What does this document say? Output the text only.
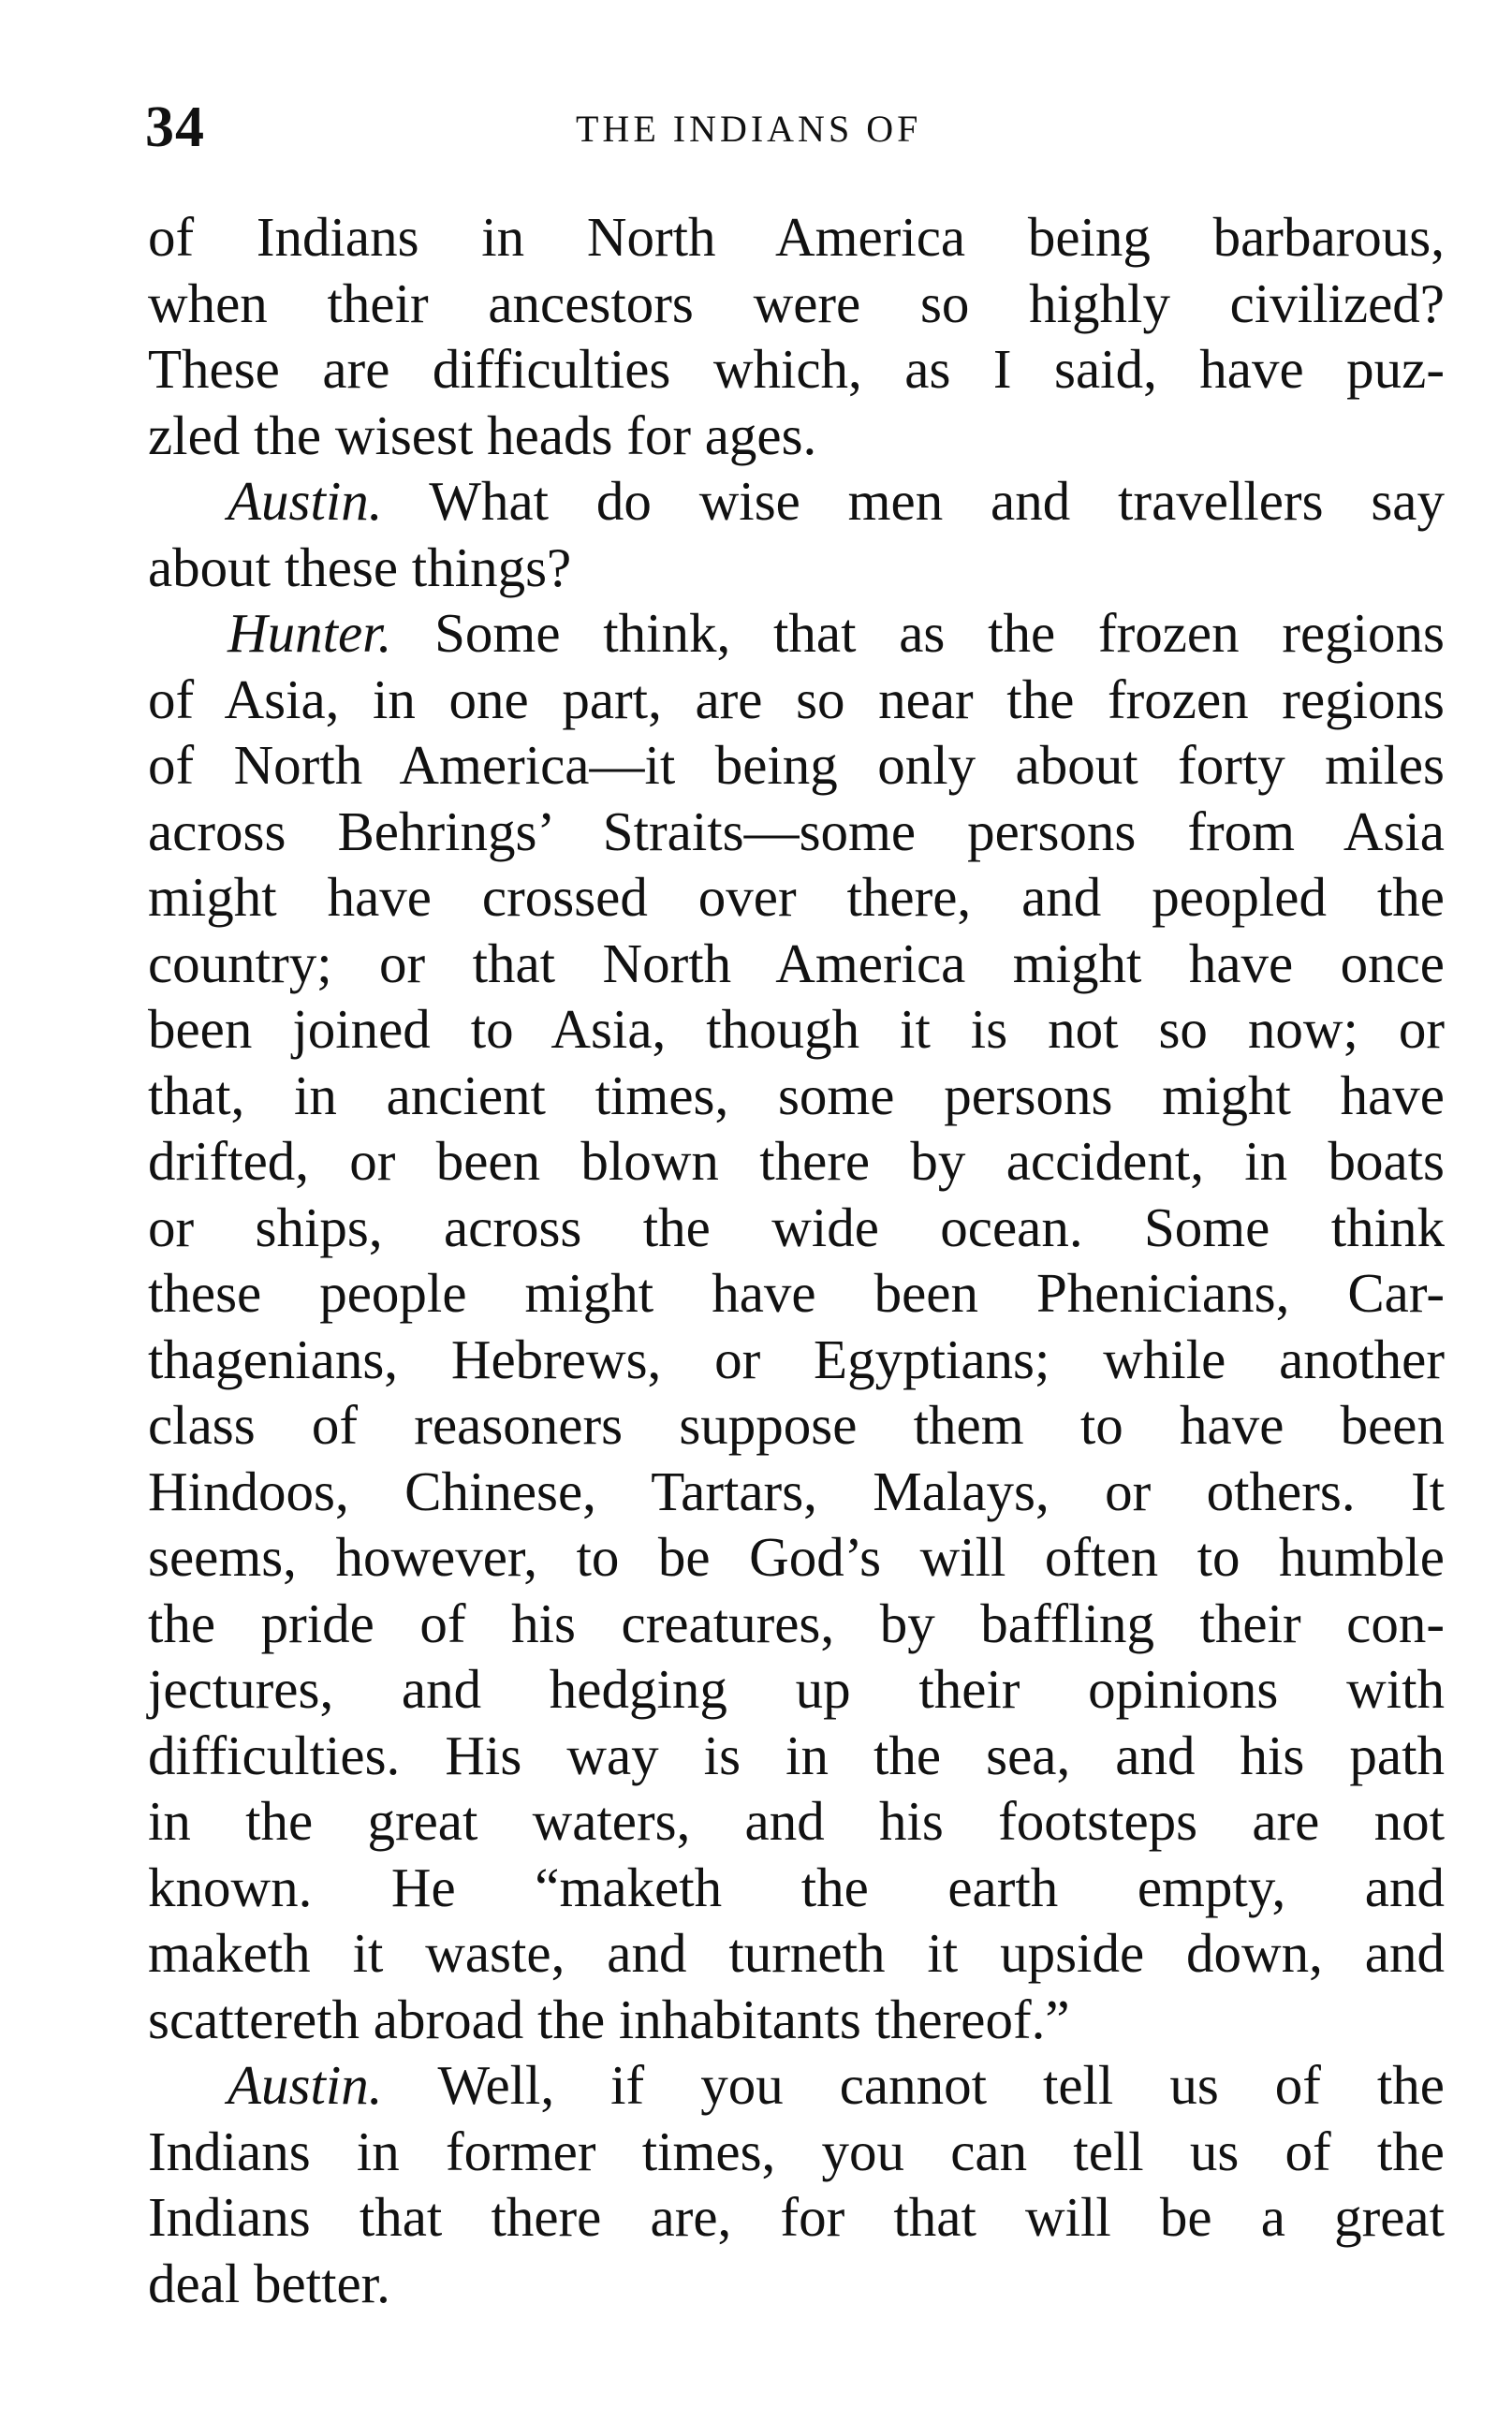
34	THE INDIANS OF
of Indians in North America being barbarous,
when their ancestors were so highly civilized?
These are difficulties which, as I said, have puz-
zled the wisest heads for ages.
Austin. What do wise men and travellers say
about these things?
Hunter. Some think, that as the frozen regions
of Asia, in one part, are so near the frozen regions
of North America—it being only about forty miles
across Behrings’ Straits—some persons from Asia
might have crossed over there, and peopled the
country; or that North America might have once
been joined to Asia, though it is not so now; or
that, in ancient times, some persons might have
drifted, or been blown there by accident, in boats
or ships, across the wide ocean. Some think
these people might have been Phenicians, Car-
thagenians, Hebrews, or Egyptians; while another
class of reasoners suppose them to have been
Hindoos, Chinese, Tartars, Malays, or others. It
seems, however, to be God’s will often to humble
the pride of his creatures, by baffling their con-
jectures, and hedging up their opinions with
difficulties. His way is in the sea, and his path
in the great waters, and his footsteps are not
known. He “maketh the earth empty, and
maketh it waste, and turneth it upside down, and
scattereth abroad the inhabitants thereof.”
Austin. Well, if you cannot tell us of the
Indians in former times, you can tell us of the
Indians that there are, for that will be a great
deal better.
